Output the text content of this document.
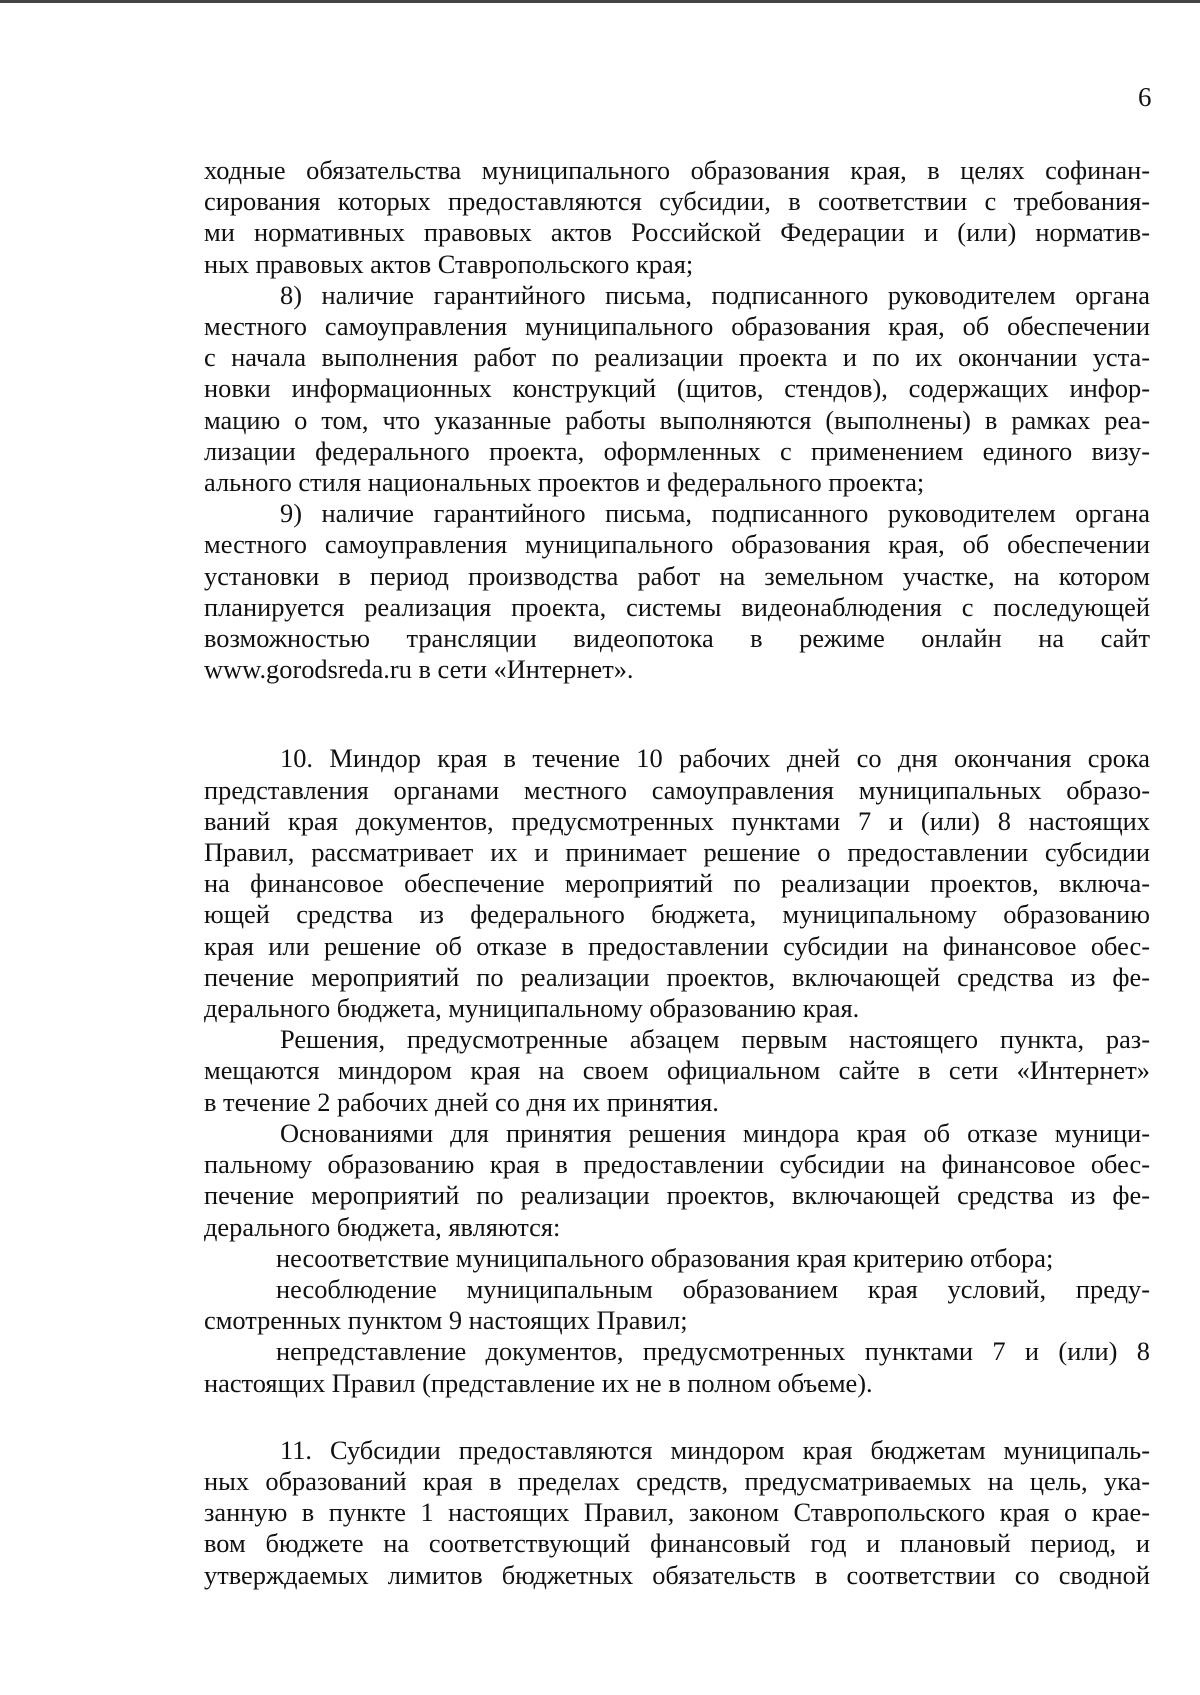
6

ходные обязательства муниципального образования края, в целях софинан-

сирования которых предоставляются субсидии, в соответствии с требования-

ми нормативных правовых актов Российской Федерации и (или) норматив-

ных правовых актов Ставропольского края;

8) наличие гарантийного письма, подписанного руководителем органа

местного самоуправления муниципального образования края, об обеспечении

с начала выполнения работ по реализации проекта и по их окончании уста-

новки информационных конструкций (щитов, стендов), содержащих инфор-

мацию о том, что указанные работы выполняются (выполнены) в рамках реа-

лизации федерального проекта, оформленных с применением единого визу-

ального стиля национальных проектов и федерального проекта;

9) наличие гарантийного письма, подписанного руководителем органа

местного самоуправления муниципального образования края, об обеспечении

установки в период производства работ на земельном участке, на котором

планируется реализация проекта, системы видеонаблюдения с последующей

возможностью трансляции видеопотока в режиме онлайн на сайт

www.gorodsreda.ru в сети «Интернет».

10. Миндор края в течение 10 рабочих дней со дня окончания срока

представления органами местного самоуправления муниципальных образо-

ваний края документов, предусмотренных пунктами 7 и (или) 8 настоящих

Правил, рассматривает их и принимает решение о предоставлении субсидии

на финансовое обеспечение мероприятий по реализации проектов, включа-

ющей средства из федерального бюджета, муниципальному образованию

края или решение об отказе в предоставлении субсидии на финансовое обес-

печение мероприятий по реализации проектов, включающей средства из фе-

дерального бюджета, муниципальному образованию края.

Решения, предусмотренные абзацем первым настоящего пункта, раз-

мещаются миндором края на своем официальном сайте в сети «Интернет»

в течение 2 рабочих дней со дня их принятия.

Основаниями для принятия решения миндора края об отказе муници-

пальному образованию края в предоставлении субсидии на финансовое обес-

печение мероприятий по реализации проектов, включающей средства из фе-

дерального бюджета, являются:

несоответствие муниципального образования края критерию отбора;

несоблюдение муниципальным образованием края условий, преду-

смотренных пунктом 9 настоящих Правил;

непредставление документов, предусмотренных пунктами 7 и (или) 8

настоящих Правил (представление их не в полном объеме).

11. Субсидии предоставляются миндором края бюджетам муниципаль-

ных образований края в пределах средств, предусматриваемых на цель, ука-

занную в пункте 1 настоящих Правил, законом Ставропольского края о крае-

вом бюджете на соответствующий финансовый год и плановый период, и

утверждаемых лимитов бюджетных обязательств в соответствии со сводной
